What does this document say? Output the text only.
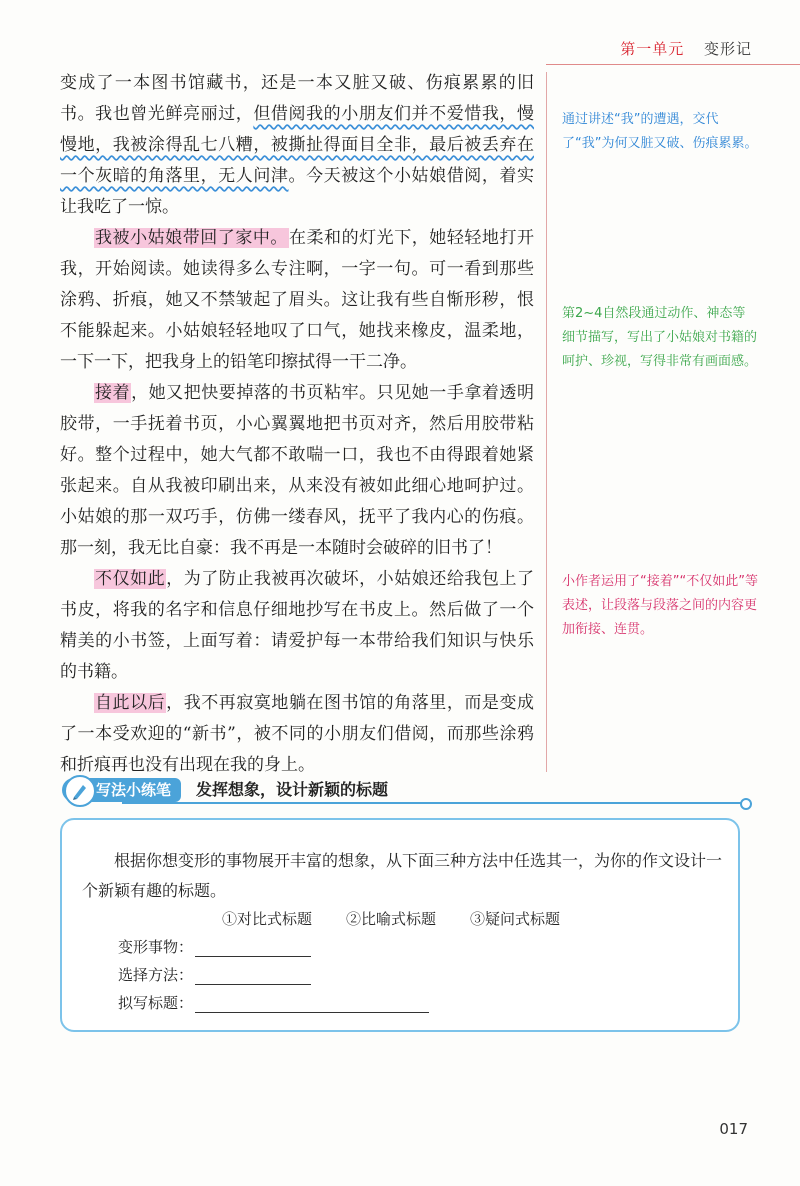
第一单元 变形记

变成了一本图书馆藏书，还是一本又脏又破、伤痕累累的旧书。我也曾光鲜亮丽过，但借阅我的小朋友们并不爱惜我，慢慢地，我被涂得乱七八糟，被撕扯得面目全非，最后被丢弃在一个灰暗的角落里，无人问津。今天被这个小姑娘借阅，着实让我吃了一惊。

我被小姑娘带回了家中。在柔和的灯光下，她轻轻地打开我，开始阅读。她读得多么专注啊，一字一句。可一看到那些涂鸦、折痕，她又不禁皱起了眉头。这让我有些自惭形秽，恨不能躲起来。小姑娘轻轻地叹了口气，她找来橡皮，温柔地，一下一下，把我身上的铅笔印擦拭得一干二净。

接着，她又把快要掉落的书页粘牢。只见她一手拿着透明胶带，一手抚着书页，小心翼翼地把书页对齐，然后用胶带粘好。整个过程中，她大气都不敢喘一口，我也不由得跟着她紧张起来。自从我被印刷出来，从来没有被如此细心地呵护过。小姑娘的那一双巧手，仿佛一缕春风，抚平了我内心的伤痕。那一刻，我无比自豪：我不再是一本随时会破碎的旧书了！

不仅如此，为了防止我被再次破坏，小姑娘还给我包上了书皮，将我的名字和信息仔细地抄写在书皮上。然后做了一个精美的小书签，上面写着：请爱护每一本带给我们知识与快乐的书籍。

自此以后，我不再寂寞地躺在图书馆的角落里，而是变成了一本受欢迎的“新书”，被不同的小朋友们借阅，而那些涂鸦和折痕再也没有出现在我的身上。

通过讲述“我”的遭遇，交代了“我”为何又脏又破、伤痕累累。
第2~4自然段通过动作、神态等细节描写，写出了小姑娘对书籍的呵护、珍视，写得非常有画面感。
小作者运用了“接着”“不仅如此”等表述，让段落与段落之间的内容更加衔接、连贯。
写法小练笔	发挥想象，设计新颖的标题

根据你想变形的事物展开丰富的想象，从下面三种方法中任选其一，为你的作文设计一个新颖有趣的标题。

①对比式标题 ②比喻式标题 ③疑问式标题
变形事物：
选择方法：
拟写标题：
017
